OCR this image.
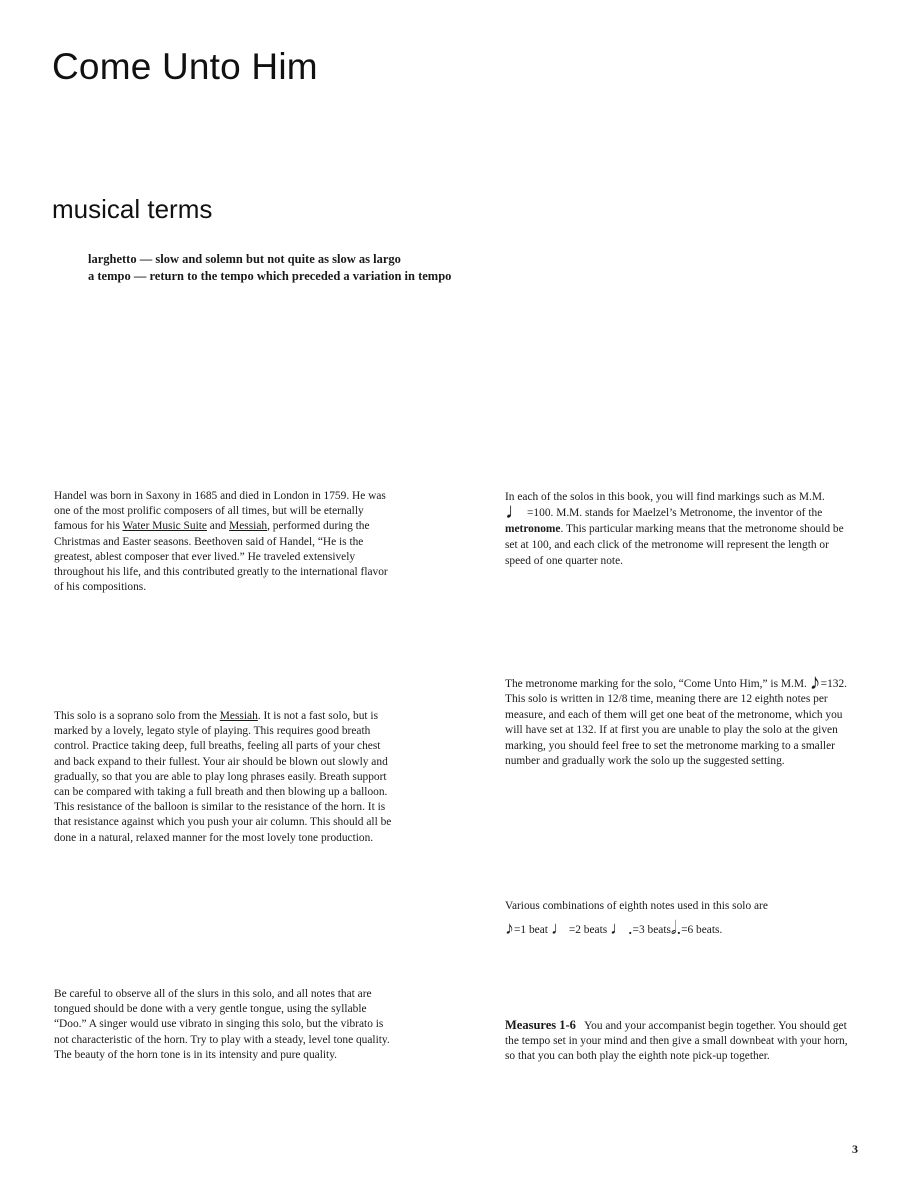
Come Unto Him
musical terms
larghetto — slow and solemn but not quite as slow as largo
a tempo — return to the tempo which preceded a variation in tempo
Handel was born in Saxony in 1685 and died in London in 1759. He was one of the most prolific composers of all times, but will be eternally famous for his Water Music Suite and Messiah, performed during the Christmas and Easter seasons. Beethoven said of Handel, “He is the greatest, ablest composer that ever lived.” He traveled extensively throughout his life, and this contributed greatly to the international flavor of his compositions.
This solo is a soprano solo from the Messiah. It is not a fast solo, but is marked by a lovely, legato style of playing. This requires good breath control. Practice taking deep, full breaths, feeling all parts of your chest and back expand to their fullest. Your air should be blown out slowly and gradually, so that you are able to play long phrases easily. Breath support can be compared with taking a full breath and then blowing up a balloon. This resistance of the balloon is similar to the resistance of the horn. It is that resistance against which you push your air column. This should all be done in a natural, relaxed manner for the most lovely tone production.
Be careful to observe all of the slurs in this solo, and all notes that are tongued should be done with a very gentle tongue, using the syllable “Doo.” A singer would use vibrato in singing this solo, but the vibrato is not characteristic of the horn. Try to play with a steady, level tone quality. The beauty of the horn tone is in its intensity and pure quality.
In each of the solos in this book, you will find markings such as M.M. ♩=100. M.M. stands for Maelzel’s Metronome, the inventor of the metronome. This particular marking means that the metronome should be set at 100, and each click of the metronome will represent the length or speed of one quarter note.
The metronome marking for the solo, “Come Unto Him,” is M.M. ♪=132. This solo is written in 12/8 time, meaning there are 12 eighth notes per measure, and each of them will get one beat of the metronome, which you will have set at 132. If at first you are unable to play the solo at the given marking, you should feel free to set the metronome marking to a smaller number and gradually work the solo up the suggested setting.
Various combinations of eighth notes used in this solo are
♪=1 beat ♩=2 beats ♩.=3 beats𝅗𝅥.=6 beats.
Measures 1-6 You and your accompanist begin together. You should get the tempo set in your mind and then give a small downbeat with your horn, so that you can both play the eighth note pick-up together.
3
